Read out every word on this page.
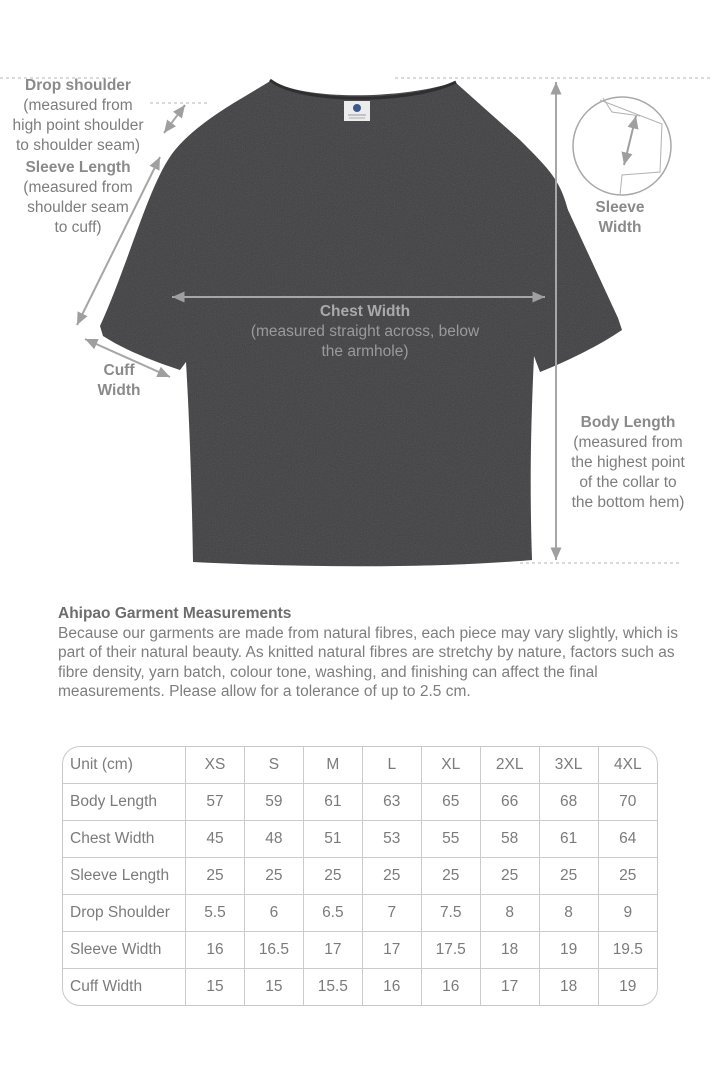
Drop shoulder
(measured from
high point shoulder
to shoulder seam)
Sleeve Length
(measured from
shoulder seam
to cuff)
Cuff
Width
Sleeve
Width
Chest Width
(measured straight across, below
the armhole)
Body Length
(measured from
the highest point
of the collar to
the bottom hem)
Ahipao Garment Measurements
Because our garments are made from natural fibres, each piece may vary slightly, which is part of their natural beauty. As knitted natural fibres are stretchy by nature, factors such as fibre density, yarn batch, colour tone, washing, and finishing can affect the final measurements. Please allow for a tolerance of up to 2.5 cm.
Unit (cm)	XS	S	M	L	XL	2XL	3XL	4XL
Body Length	57	59	61	63	65	66	68	70
Chest Width	45	48	51	53	55	58	61	64
Sleeve Length	25	25	25	25	25	25	25	25
Drop Shoulder	5.5	6	6.5	7	7.5	8	8	9
Sleeve Width	16	16.5	17	17	17.5	18	19	19.5
Cuff Width	15	15	15.5	16	16	17	18	19
